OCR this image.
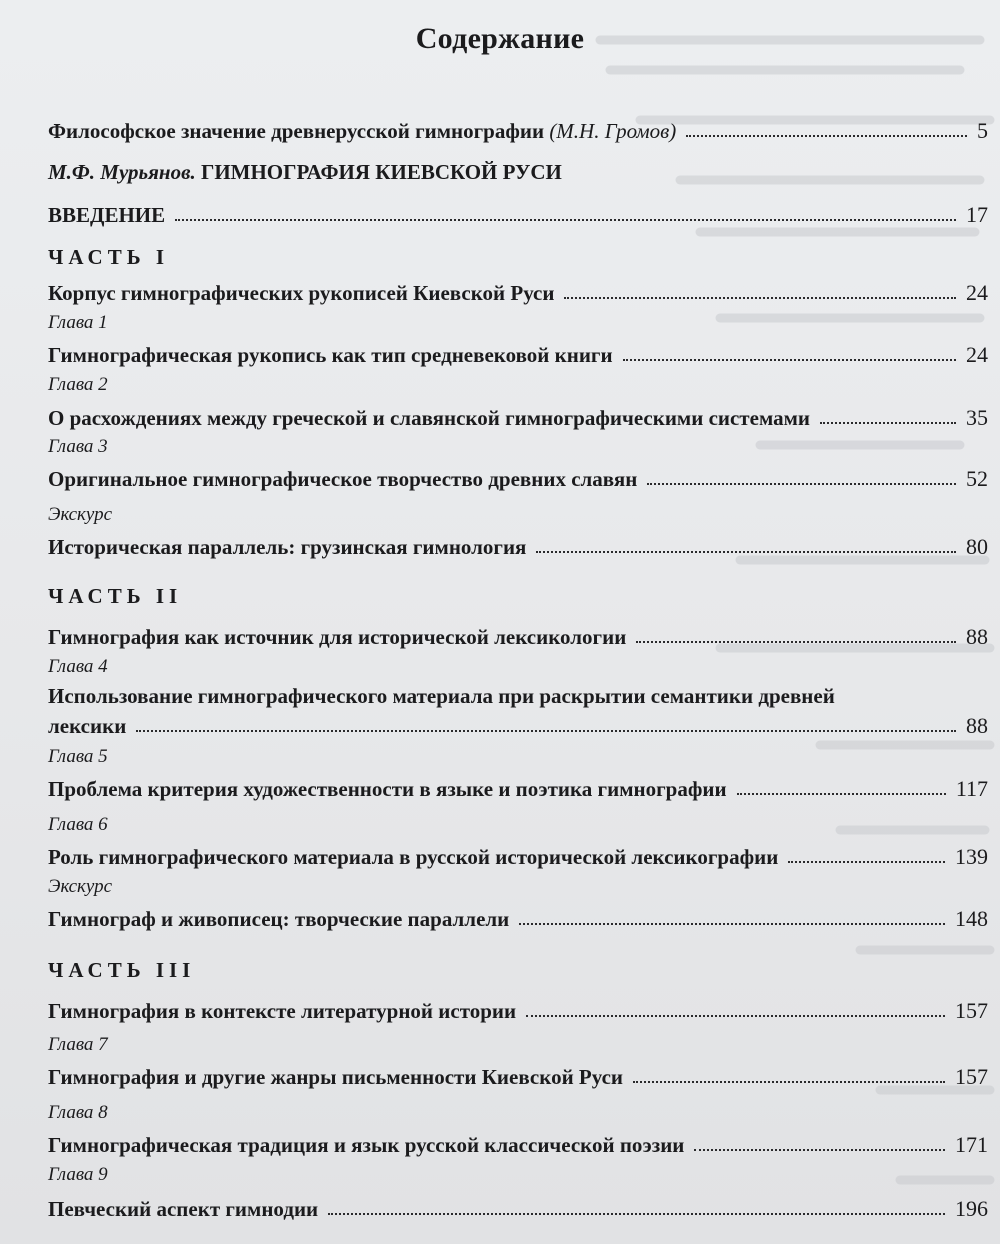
Содержание
Философское значение древнерусской гимнографии (М.Н. Громов)	5
М.Ф. Мурьянов. ГИМНОГРАФИЯ КИЕВСКОЙ РУСИ
ВВЕДЕНИЕ	17
ЧАСТЬ I
Корпус гимнографических рукописей Киевской Руси	24
Глава 1
Гимнографическая рукопись как тип средневековой книги	24
Глава 2
О расхождениях между греческой и славянской гимнографическими системами	35
Глава 3
Оригинальное гимнографическое творчество древних славян	52
Экскурс
Историческая параллель: грузинская гимнология	80
ЧАСТЬ II
Гимнография как источник для исторической лексикологии	88
Глава 4
Использование гимнографического материала при раскрытии семантики древней
лексики	88
Глава 5
Проблема критерия художественности в языке и поэтика гимнографии	117
Глава 6
Роль гимнографического материала в русской исторической лексикографии	139
Экскурс
Гимнограф и живописец: творческие параллели	148
ЧАСТЬ III
Гимнография в контексте литературной истории	157
Глава 7
Гимнография и другие жанры письменности Киевской Руси	157
Глава 8
Гимнографическая традиция и язык русской классической поэзии	171
Глава 9
Певческий аспект гимнодии	196
